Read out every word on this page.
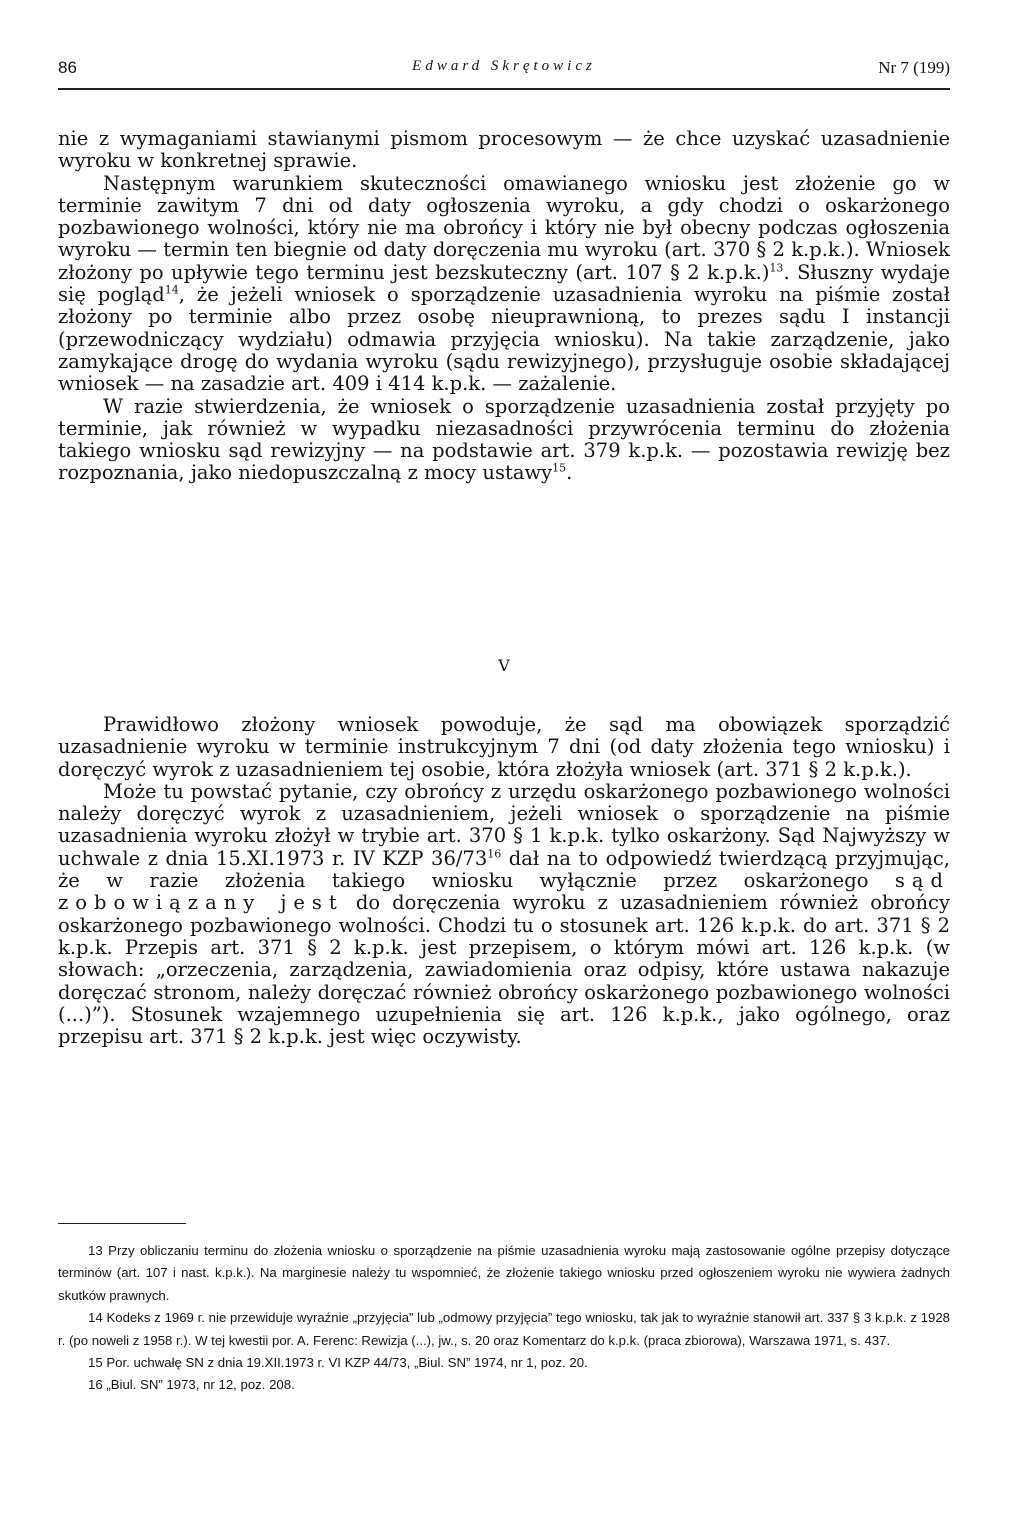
86	Edward Skrętowicz	Nr 7 (199)

nie z wymaganiami stawianymi pismom procesowym — że chce uzyskać uzasadnienie wyroku w konkretnej sprawie.

Następnym warunkiem skuteczności omawianego wniosku jest złożenie go w terminie zawitym 7 dni od daty ogłoszenia wyroku, a gdy chodzi o oskarżonego pozbawionego wolności, który nie ma obrońcy i który nie był obecny podczas ogłoszenia wyroku — termin ten biegnie od daty doręczenia mu wyroku (art. 370 § 2 k.p.k.). Wniosek złożony po upływie tego terminu jest bezskuteczny (art. 107 § 2 k.p.k.)$^{13}$. Słuszny wydaje się pogląd$^{14}$, że jeżeli wniosek o sporządzenie uzasadnienia wyroku na piśmie został złożony po terminie albo przez osobę nieuprawnioną, to prezes sądu I instancji (przewodniczący wydziału) odmawia przyjęcia wniosku). Na takie zarządzenie, jako zamykające drogę do wydania wyroku (sądu rewizyjnego), przysługuje osobie składającej wniosek — na zasadzie art. 409 i 414 k.p.k. — zażalenie.

W razie stwierdzenia, że wniosek o sporządzenie uzasadnienia został przyjęty po terminie, jak również w wypadku niezasadności przywrócenia terminu do złożenia takiego wniosku sąd rewizyjny — na podstawie art. 379 k.p.k. — pozostawia rewizję bez rozpoznania, jako niedopuszczalną z mocy ustawy$^{15}$.

V

Prawidłowo złożony wniosek powoduje, że sąd ma obowiązek sporządzić uzasadnienie wyroku w terminie instrukcyjnym 7 dni (od daty złożenia tego wniosku) i doręczyć wyrok z uzasadnieniem tej osobie, która złożyła wniosek (art. 371 § 2 k.p.k.).

Może tu powstać pytanie, czy obrońcy z urzędu oskarżonego pozbawionego wolności należy doręczyć wyrok z uzasadnieniem, jeżeli wniosek o sporządzenie na piśmie uzasadnienia wyroku złożył w trybie art. 370 § 1 k.p.k. tylko oskarżony. Sąd Najwyższy w uchwale z dnia 15.XI.1973 r. IV KZP $36/73^{16}$ dał na to odpowiedź twierdzącą przyjmując, że w razie złożenia takiego wniosku wyłącznie przez oskarżonego sąd zobowiązany jest do doręczenia wyroku z uzasadnieniem również obrońcy oskarżonego pozbawionego wolności. Chodzi tu o stosunek art. 126 k.p.k. do art. 371 § 2 k.p.k. Przepis art. 371 § 2 k.p.k. jest przepisem, o którym mówi art. 126 k.p.k. (w słowach: „orzeczenia, zarządzenia, zawiadomienia oraz odpisy, które ustawa nakazuje doręczać stronom, należy doręczać również obrońcy oskarżonego pozbawionego wolności (...)”). Stosunek wzajemnego uzupełnienia się art. 126 k.p.k., jako ogólnego, oraz przepisu art. 371 § 2 k.p.k. jest więc oczywisty.

13 Przy obliczaniu terminu do złożenia wniosku o sporządzenie na piśmie uzasadnienia wyroku mają zastosowanie ogólne przepisy dotyczące terminów (art. 107 i nast. k.p.k.). Na marginesie należy tu wspomnieć, że złożenie takiego wniosku przed ogłoszeniem wyroku nie wywiera żadnych skutków prawnych.

14 Kodeks z 1969 r. nie przewiduje wyraźnie „przyjęcia” lub „odmowy przyjęcia” tego wniosku, tak jak to wyraźnie stanowił art. 337 § 3 k.p.k. z 1928 r. (po noweli z 1958 r.). W tej kwestii por. A. Ferenc: Rewizja (...), jw., s. 20 oraz Komentarz do k.p.k. (praca zbiorowa), Warszawa 1971, s. 437.

15 Por. uchwałę SN z dnia 19.XII.1973 r. VI KZP 44/73, „Biul. SN” 1974, nr 1, poz. 20.

16 „Biul. SN” 1973, nr 12, poz. 208.
